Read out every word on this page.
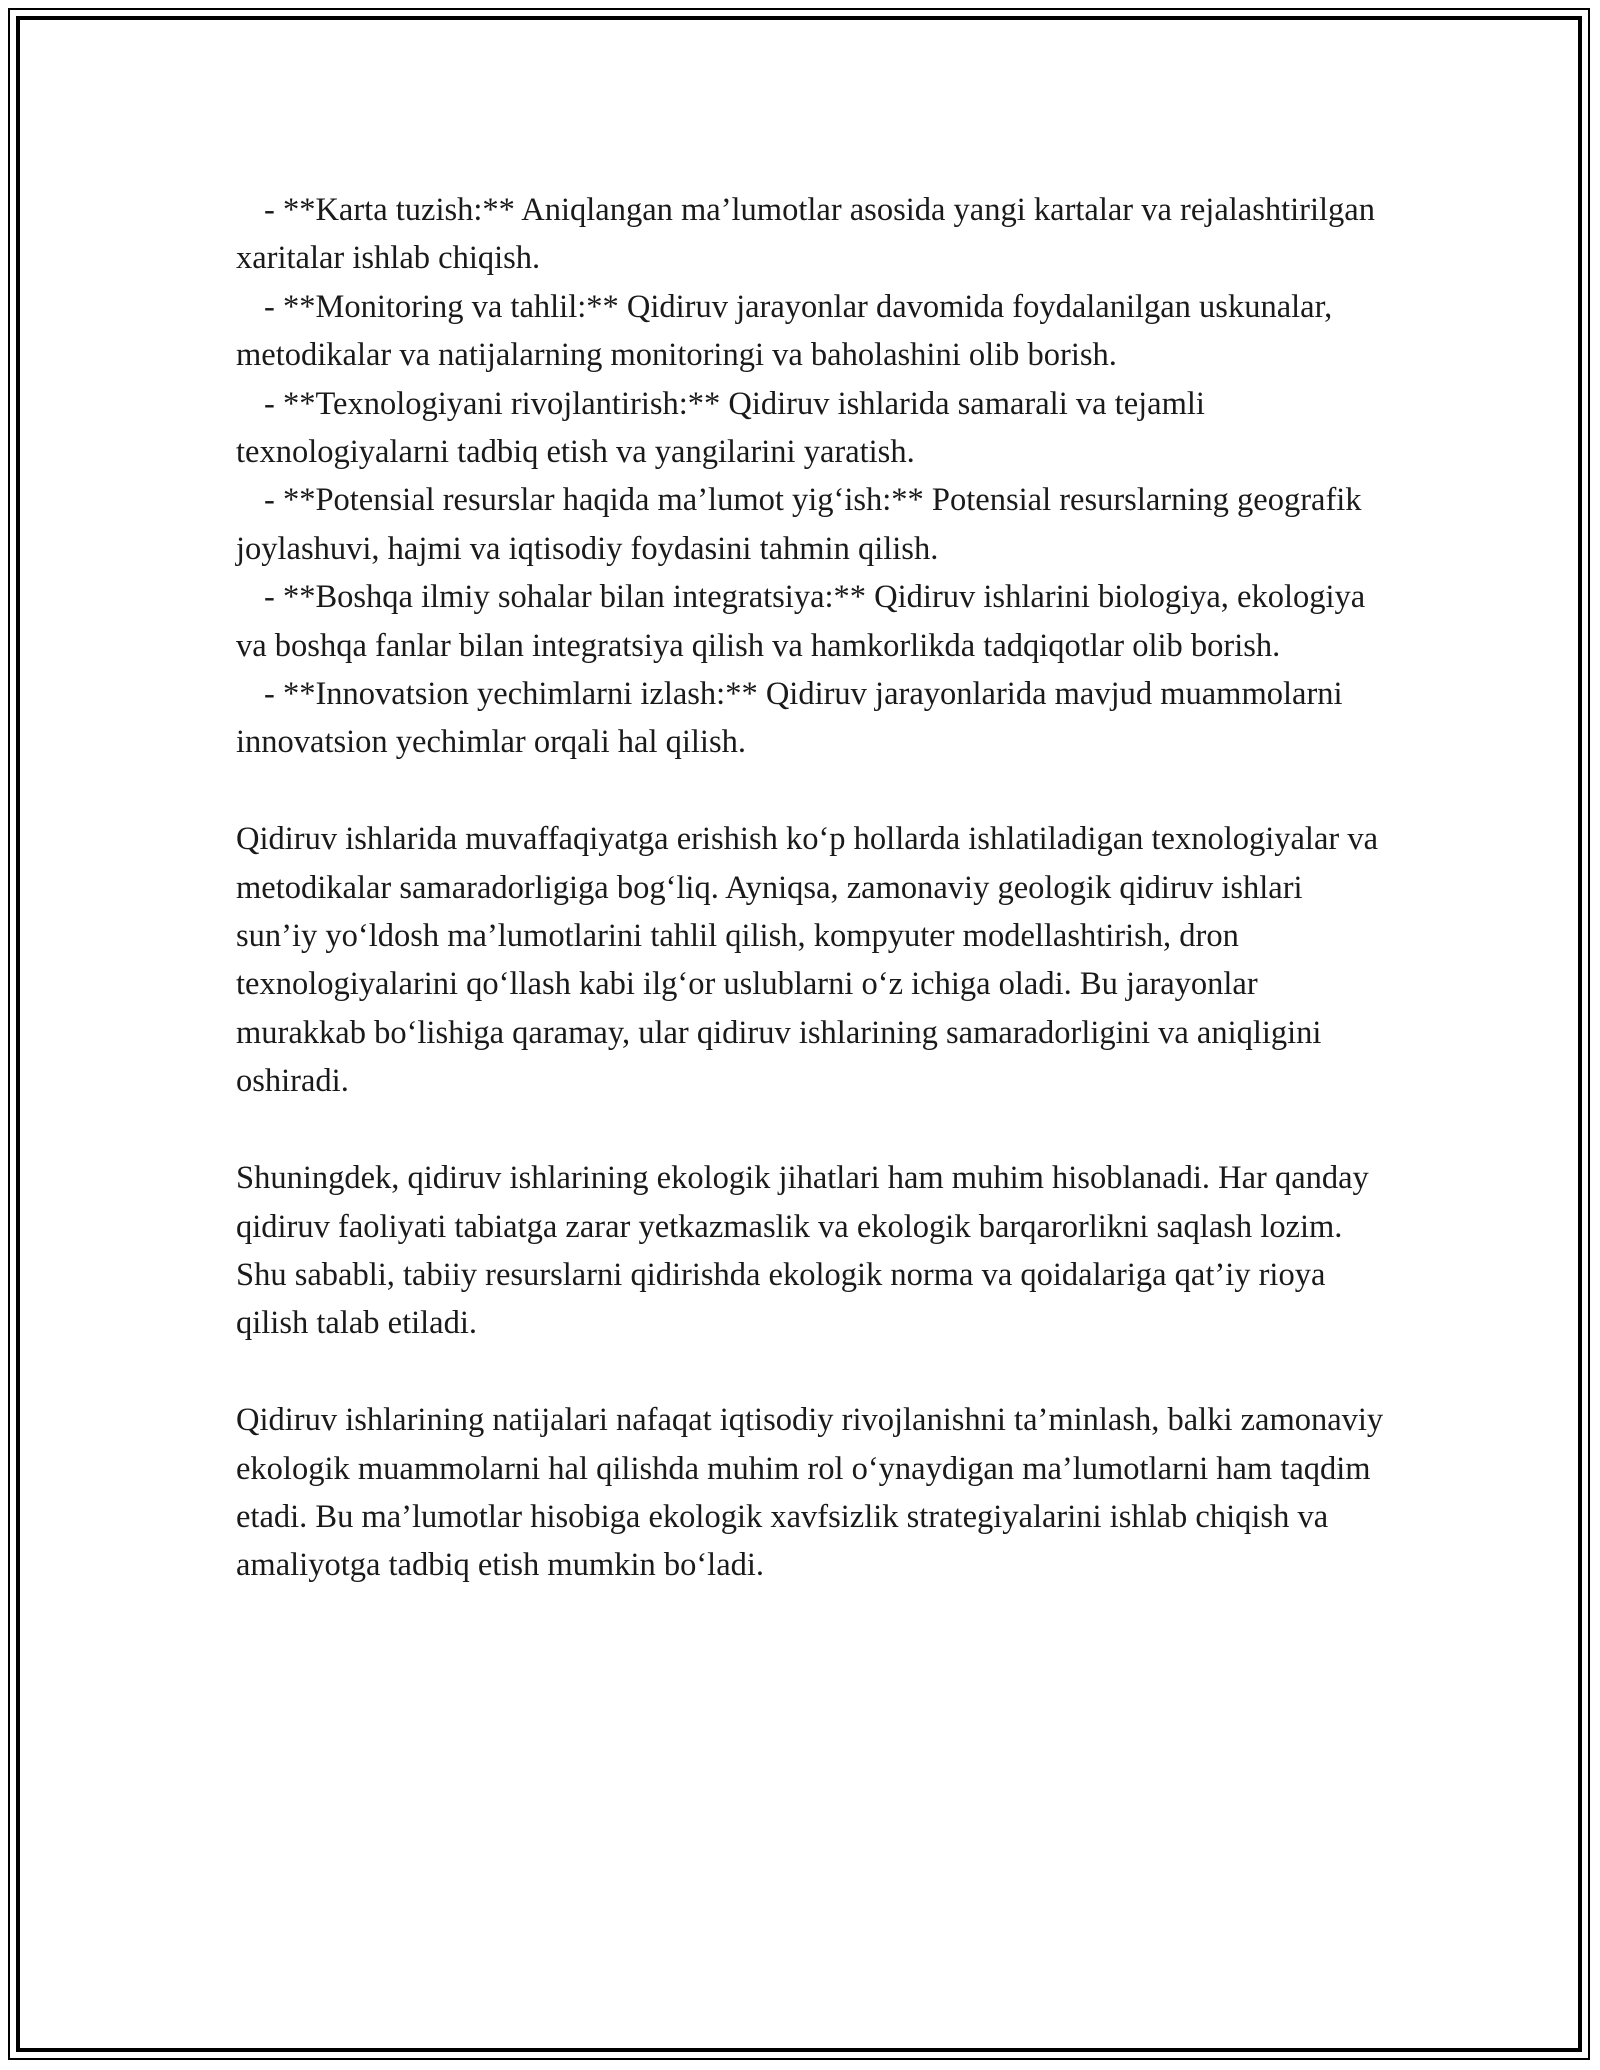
- **Karta tuzish:** Aniqlangan ma’lumotlar asosida yangi kartalar va rejalashtirilgan xaritalar ishlab chiqish.
- **Monitoring va tahlil:** Qidiruv jarayonlar davomida foydalanilgan uskunalar, metodikalar va natijalarning monitoringi va baholashini olib borish.
- **Texnologiyani rivojlantirish:** Qidiruv ishlarida samarali va tejamli texnologiyalarni tadbiq etish va yangilarini yaratish.
- **Potensial resurslar haqida ma’lumot yig‘ish:** Potensial resurslarning geografik joylashuvi, hajmi va iqtisodiy foydasini tahmin qilish.
- **Boshqa ilmiy sohalar bilan integratsiya:** Qidiruv ishlarini biologiya, ekologiya va boshqa fanlar bilan integratsiya qilish va hamkorlikda tadqiqotlar olib borish.
- **Innovatsion yechimlarni izlash:** Qidiruv jarayonlarida mavjud muammolarni innovatsion yechimlar orqali hal qilish.

Qidiruv ishlarida muvaffaqiyatga erishish ko‘p hollarda ishlatiladigan texnologiyalar va metodikalar samaradorligiga bog‘liq. Ayniqsa, zamonaviy geologik qidiruv ishlari sun’iy yo‘ldosh ma’lumotlarini tahlil qilish, kompyuter modellashtirish, dron texnologiyalarini qo‘llash kabi ilg‘or uslublarni o‘z ichiga oladi. Bu jarayonlar murakkab bo‘lishiga qaramay, ular qidiruv ishlarining samaradorligini va aniqligini oshiradi.

Shuningdek, qidiruv ishlarining ekologik jihatlari ham muhim hisoblanadi. Har qanday qidiruv faoliyati tabiatga zarar yetkazmaslik va ekologik barqarorlikni saqlash lozim. Shu sababli, tabiiy resurslarni qidirishda ekologik norma va qoidalariga qat’iy rioya qilish talab etiladi.

Qidiruv ishlarining natijalari nafaqat iqtisodiy rivojlanishni ta’minlash, balki zamonaviy ekologik muammolarni hal qilishda muhim rol o‘ynaydigan ma’lumotlarni ham taqdim etadi. Bu ma’lumotlar hisobiga ekologik xavfsizlik strategiyalarini ishlab chiqish va amaliyotga tadbiq etish mumkin bo‘ladi.
